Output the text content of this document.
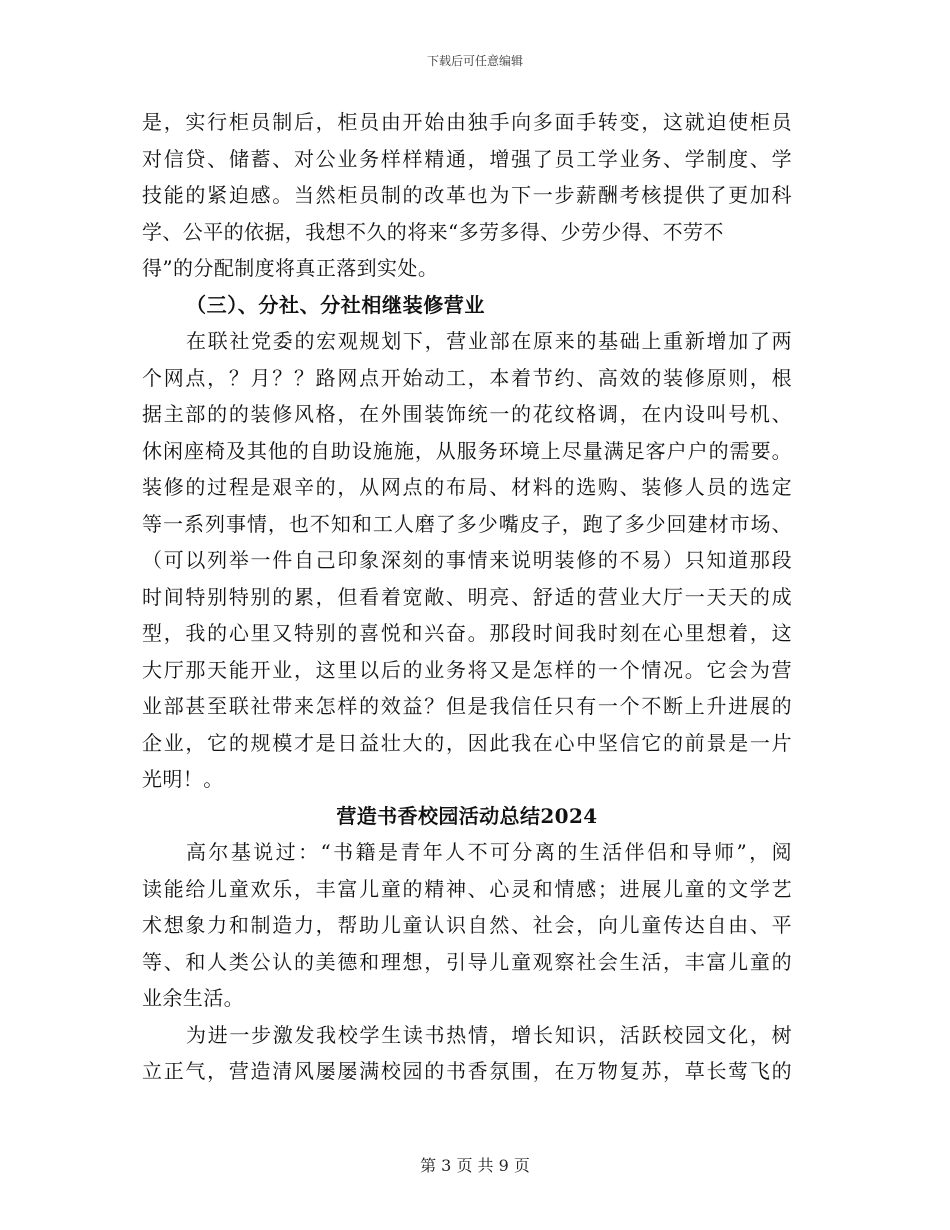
下载后可任意编辑
是，实行柜员制后，柜员由开始由独手向多面手转变，这就迫使柜员
对信贷、储蓄、对公业务样样精通，增强了员工学业务、学制度、学
技能的紧迫感。当然柜员制的改革也为下一步薪酬考核提供了更加科
学、公平的依据，我想不久的将来“多劳多得、少劳少得、不劳不
得”的分配制度将真正落到实处。
（三）、分社、分社相继装修营业
在联社党委的宏观规划下，营业部在原来的基础上重新增加了两
个网点，？月？？路网点开始动工，本着节约、高效的装修原则，根
据主部的的装修风格，在外围装饰统一的花纹格调，在内设叫号机、
休闲座椅及其他的自助设施施，从服务环境上尽量满足客户户的需要。
装修的过程是艰辛的，从网点的布局、材料的选购、装修人员的选定
等一系列事情，也不知和工人磨了多少嘴皮子，跑了多少回建材市场、
（可以列举一件自己印象深刻的事情来说明装修的不易）只知道那段
时间特别特别的累，但看着宽敞、明亮、舒适的营业大厅一天天的成
型，我的心里又特别的喜悦和兴奋。那段时间我时刻在心里想着，这
大厅那天能开业，这里以后的业务将又是怎样的一个情况。它会为营
业部甚至联社带来怎样的效益？但是我信任只有一个不断上升进展的
企业，它的规模才是日益壮大的，因此我在心中坚信它的前景是一片
光明！。
营造书香校园活动总结2024
高尔基说过：“书籍是青年人不可分离的生活伴侣和导师”，阅
读能给儿童欢乐，丰富儿童的精神、心灵和情感；进展儿童的文学艺
术想象力和制造力，帮助儿童认识自然、社会，向儿童传达自由、平
等、和人类公认的美德和理想，引导儿童观察社会生活，丰富儿童的
业余生活。
为进一步激发我校学生读书热情，增长知识，活跃校园文化，树
立正气，营造清风屡屡满校园的书香氛围，在万物复苏，草长莺飞的
第 3 页 共 9 页
